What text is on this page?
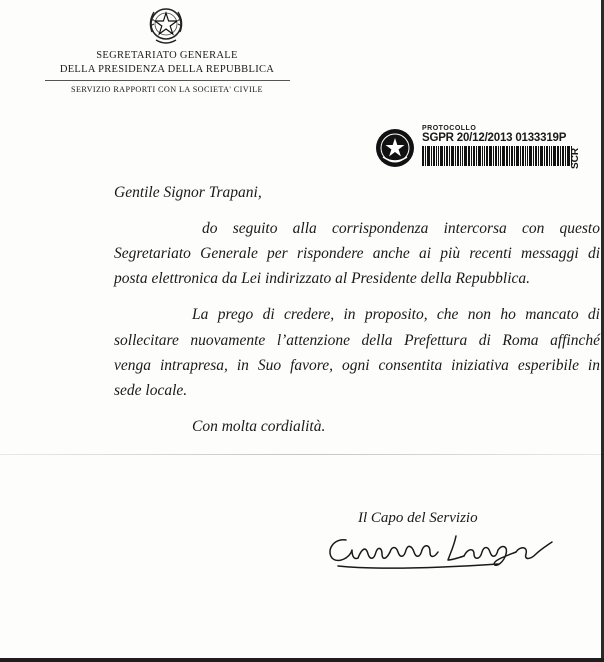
SEGRETARIATO GENERALE
DELLA PRESIDENZA DELLA REPUBBLICA
SERVIZIO RAPPORTI CON LA SOCIETA' CIVILE
PROTOCOLLO
SGPR 20/12/2013 0133319P
SCR
Gentile Signor Trapani,
do seguito alla corrispondenza intercorsa con questo
Segretariato Generale per rispondere anche ai più recenti messaggi di
posta elettronica da Lei indirizzato al Presidente della Repubblica.
La prego di credere, in proposito, che non ho mancato di
sollecitare nuovamente l’attenzione della Prefettura di Roma affinché
venga intrapresa, in Suo favore, ogni consentita iniziativa esperibile in
sede locale.
Con molta cordialità.
Il Capo del Servizio
